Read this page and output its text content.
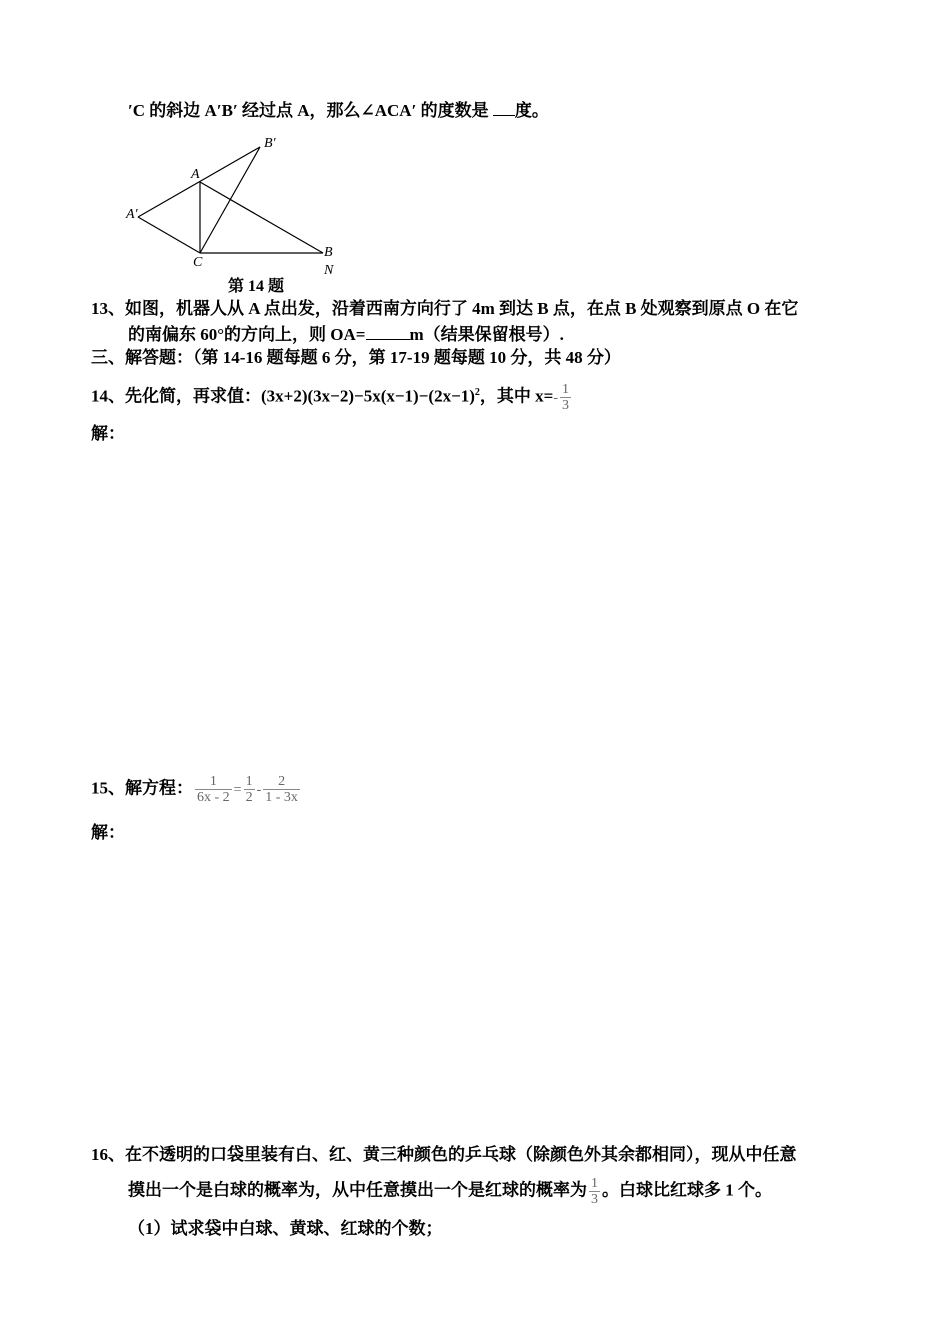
′C 的斜边 A′B′ 经过点 A，那么∠ACA′ 的度数是 度。
B′
A
A′
B
C
N
第 14 题
13、如图，机器人从 A 点出发，沿着西南方向行了 4m 到达 B 点，在点 B 处观察到原点 O 在它
的南偏东 60°的方向上，则 OA=	m（结果保留根号）.
三、解答题：（第 14-16 题每题 6 分，第 17-19 题每题 10 分，共 48 分）
14、先化简，再求值：$(3x+2)(3x-2)-5x(x-1)-(2x-1)^2$，其中 $x=- \frac{1}{3}$
解：
15、解方程： $\frac{1}{6x - 2} = \frac{1}{2} - \frac{2}{1 - 3x}$
解：
16、在不透明的口袋里装有白、红、黄三种颜色的乒乓球（除颜色外其余都相同），现从中任意
摸出一个是白球的概率为，从中任意摸出一个是红球的概率为 $\frac{1}{3}$ 。白球比红球多 1 个。
（1）试求袋中白球、黄球、红球的个数；
